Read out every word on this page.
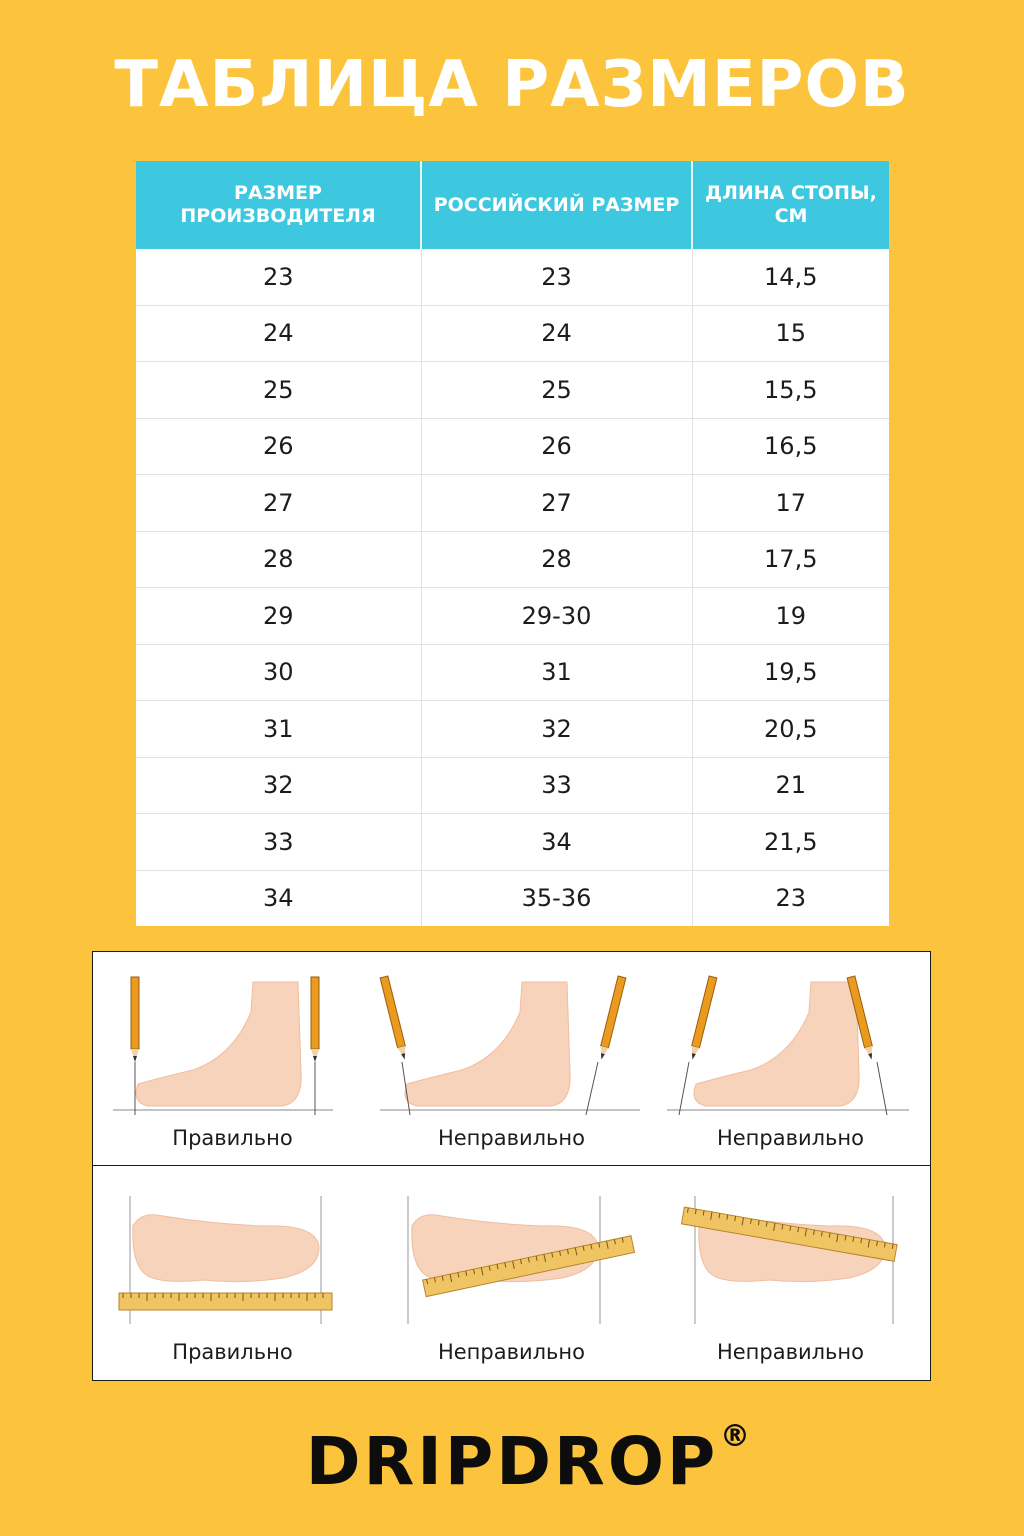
ТАБЛИЦА РАЗМЕРОВ
РАЗМЕР ПРОИЗВОДИТЕЛЯ	РОССИЙСКИЙ РАЗМЕР	ДЛИНА СТОПЫ, СМ
23	23	14,5
24	24	15
25	25	15,5
26	26	16,5
27	27	17
28	28	17,5
29	29-30	19
30	31	19,5
31	32	20,5
32	33	21
33	34	21,5
34	35-36	23
Правильно	Неправильно	Неправильно
Правильно	Неправильно	Неправильно
DRIPDROP ®
